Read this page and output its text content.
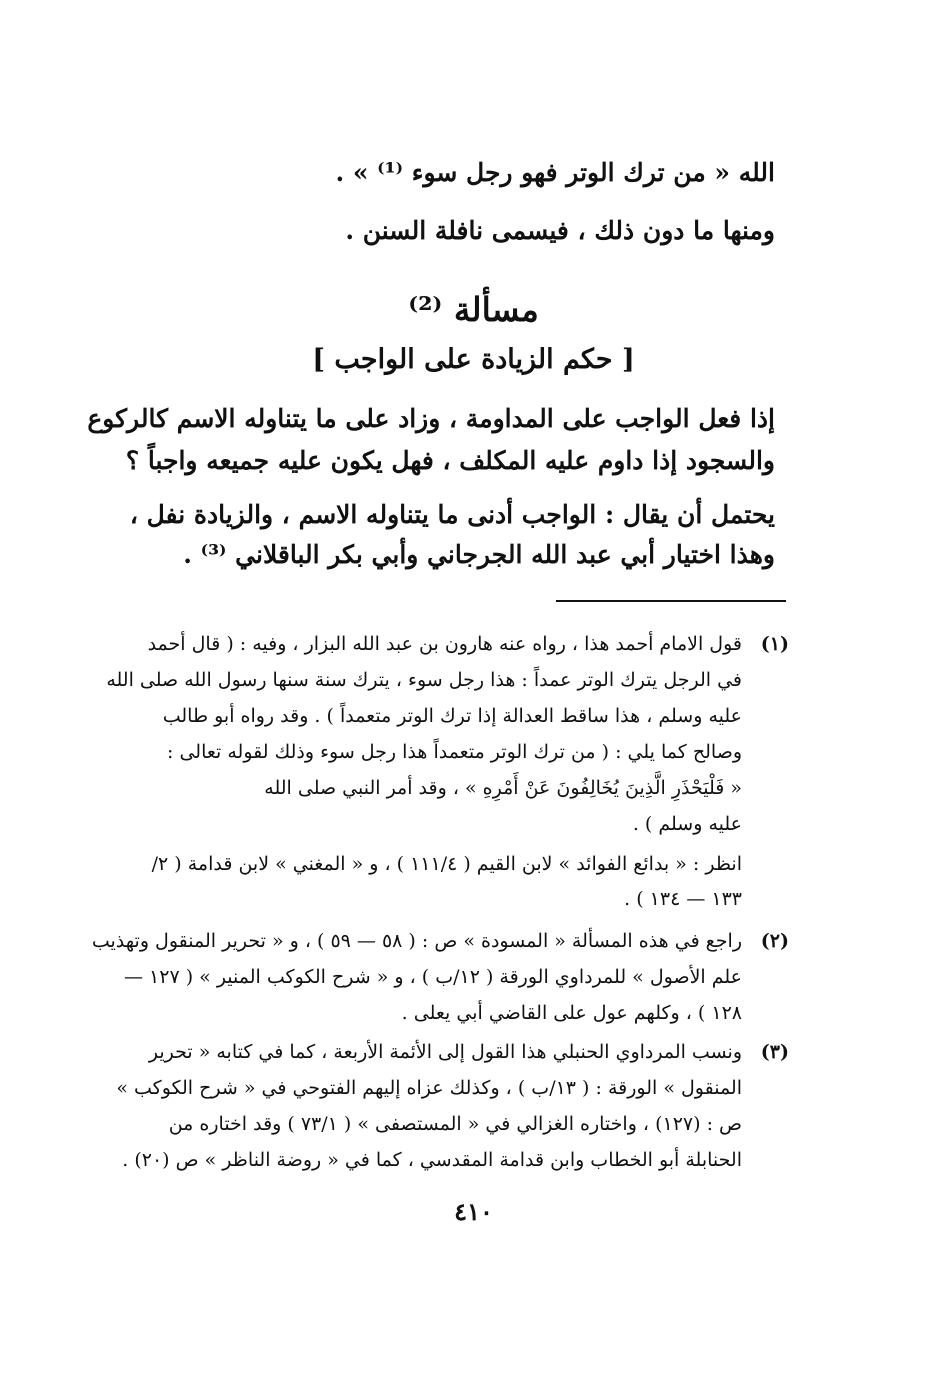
الله « من ترك الوتر فهو رجل سوء ⁽¹⁾ » .
ومنها ما دون ذلك ، فيسمى نافلة السنن .
مسألة ⁽²⁾
[ حكم الزيادة على الواجب ]
إذا فعل الواجب على المداومة ، وزاد على ما يتناوله الاسم كالركوع
والسجود إذا داوم عليه المكلف ، فهل يكون عليه جميعه واجباً ؟
يحتمل أن يقال : الواجب أدنى ما يتناوله الاسم ، والزيادة نفل ،
وهذا اختيار أبي عبد الله الجرجاني وأبي بكر الباقلاني ⁽³⁾ .
(١)
قول الامام أحمد هذا ، رواه عنه هارون بن عبد الله البزار ، وفيه : ( قال أحمد
في الرجل يترك الوتر عمداً : هذا رجل سوء ، يترك سنة سنها رسول الله صلى الله
عليه وسلم ، هذا ساقط العدالة إذا ترك الوتر متعمداً ) . وقد رواه أبو طالب
وصالح كما يلي : ( من ترك الوتر متعمداً هذا رجل سوء وذلك لقوله تعالى :
« فَلْيَحْذَرِ الَّذِينَ يُخَالِفُونَ عَنْ أَمْرِهِ » ، وقد أمر النبي صلى الله
عليه وسلم ) .
انظر : « بدائع الفوائد » لابن القيم ( ١١١/٤ ) ، و « المغني » لابن قدامة ( ٢/
١٣٣ — ١٣٤ ) .
(٢)
راجع في هذه المسألة « المسودة » ص : ( ٥٨ — ٥٩ ) ، و « تحرير المنقول وتهذيب
علم الأصول » للمرداوي الورقة ( ١٢/ب ) ، و « شرح الكوكب المنير » ( ١٢٧ —
١٢٨ ) ، وكلهم عول على القاضي أبي يعلى .
(٣)
ونسب المرداوي الحنبلي هذا القول إلى الأئمة الأربعة ، كما في كتابه « تحرير
المنقول » الورقة : ( ١٣/ب ) ، وكذلك عزاه إليهم الفتوحي في « شرح الكوكب »
ص : (١٢٧) ، واختاره الغزالي في « المستصفى » ( ٧٣/١ ) وقد اختاره من
الحنابلة أبو الخطاب وابن قدامة المقدسي ، كما في « روضة الناظر » ص (٢٠) .
٤١٠
